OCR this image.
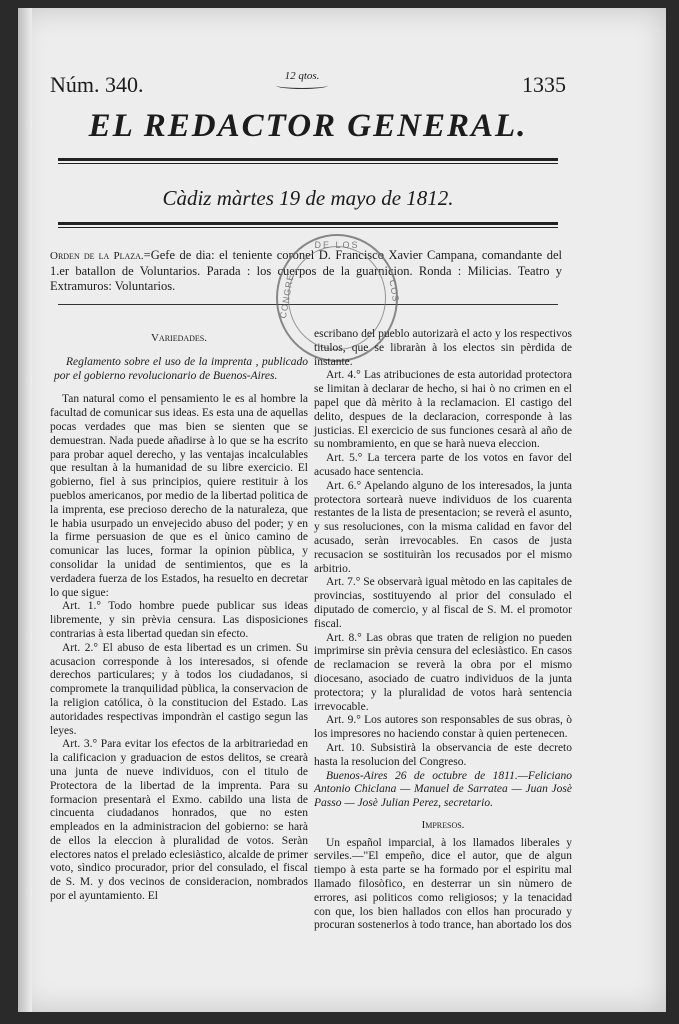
Núm. 340.	12 qtos.	1335
EL REDACTOR GENERAL.
Càdiz màrtes 19 de mayo de 1812.
Orden de la Plaza.=Gefe de dia: el teniente coronel D. Francisco Xavier Campana, comandante del 1.er batallon de Voluntarios. Parada : los cuerpos de la guarnicion. Ronda : Milicias. Teatro y Extramuros: Voluntarios.
DE LOS
CONGRE	COS
Variedades.

Reglamento sobre el uso de la imprenta , publicado por el gobierno revolucionario de Buenos-Aires.

Tan natural como el pensamiento le es al hombre la facultad de comunicar sus ideas. Es esta una de aquellas pocas verdades que mas bien se sienten que se demuestran. Nada puede añadirse à lo que se ha escrito para probar aquel derecho, y las ventajas incalculables que resultan à la humanidad de su libre exercicio. El gobierno, fiel à sus principios, quiere restituir à los pueblos americanos, por medio de la libertad politica de la imprenta, ese precioso derecho de la naturaleza, que le habia usurpado un envejecido abuso del poder; y en la firme persuasion de que es el ùnico camino de comunicar las luces, formar la opinion pùblica, y consolidar la unidad de sentimientos, que es la verdadera fuerza de los Estados, ha resuelto en decretar lo que sigue:

Art. 1.° Todo hombre puede publicar sus ideas libremente, y sin prèvia censura. Las disposiciones contrarias à esta libertad quedan sin efecto.

Art. 2.° El abuso de esta libertad es un crimen. Su acusacion corresponde à los interesados, si ofende derechos particulares; y à todos los ciudadanos, si compromete la tranquilidad pùblica, la conservacion de la religion católica, ò la constitucion del Estado. Las autoridades respectivas impondràn el castigo segun las leyes.

Art. 3.° Para evitar los efectos de la arbitrariedad en la calificacion y graduacion de estos delitos, se crearà una junta de nueve individuos, con el titulo de Protectora de la libertad de la imprenta. Para su formacion presentarà el Exmo. cabildo una lista de cincuenta ciudadanos honrados, que no esten empleados en la administracion del gobierno: se harà de ellos la eleccion à pluralidad de votos. Seràn electores natos el prelado eclesiàstico, alcalde de primer voto, sìndico procurador, prior del consulado, el fiscal de S. M. y dos vecinos de consideracion, nombrados por el ayuntamiento. El

escribano del pueblo autorizarà el acto y los respectivos titulos, que se libraràn à los electos sin pèrdida de instante.

Art. 4.° Las atribuciones de esta autoridad protectora se limitan à declarar de hecho, si hai ò no crimen en el papel que dà mèrito à la reclamacion. El castigo del delito, despues de la declaracion, corresponde à las justicias. El exercicio de sus funciones cesarà al año de su nombramiento, en que se harà nueva eleccion.

Art. 5.° La tercera parte de los votos en favor del acusado hace sentencia.

Art. 6.° Apelando alguno de los interesados, la junta protectora sortearà nueve individuos de los cuarenta restantes de la lista de presentacion; se reverà el asunto, y sus resoluciones, con la misma calidad en favor del acusado, seràn irrevocables. En casos de justa recusacion se sostituiràn los recusados por el mismo arbitrio.

Art. 7.° Se observarà igual mètodo en las capitales de provincias, sostituyendo al prior del consulado el diputado de comercio, y al fiscal de S. M. el promotor fiscal.

Art. 8.° Las obras que traten de religion no pueden imprimirse sin prèvia censura del eclesiàstico. En casos de reclamacion se reverà la obra por el mismo diocesano, asociado de cuatro individuos de la junta protectora; y la pluralidad de votos harà sentencia irrevocable.

Art. 9.° Los autores son responsables de sus obras, ò los impresores no haciendo constar à quien pertenecen.

Art. 10. Subsistirà la observancia de este decreto hasta la resolucion del Congreso.

Buenos-Aires 26 de octubre de 1811.—Feliciano Antonio Chiclana — Manuel de Sarratea — Juan Josè Passo — Josè Julian Perez, secretario.

Impresos.

Un español imparcial, à los llamados liberales y serviles.—"El empeño, dice el autor, que de algun tiempo à esta parte se ha formado por el espiritu mal llamado filosòfico, en desterrar un sin nùmero de errores, asi politicos como religiosos; y la tenacidad con que, los bien hallados con ellos han procurado y procuran sostenerlos à todo trance, han abortado los dos
